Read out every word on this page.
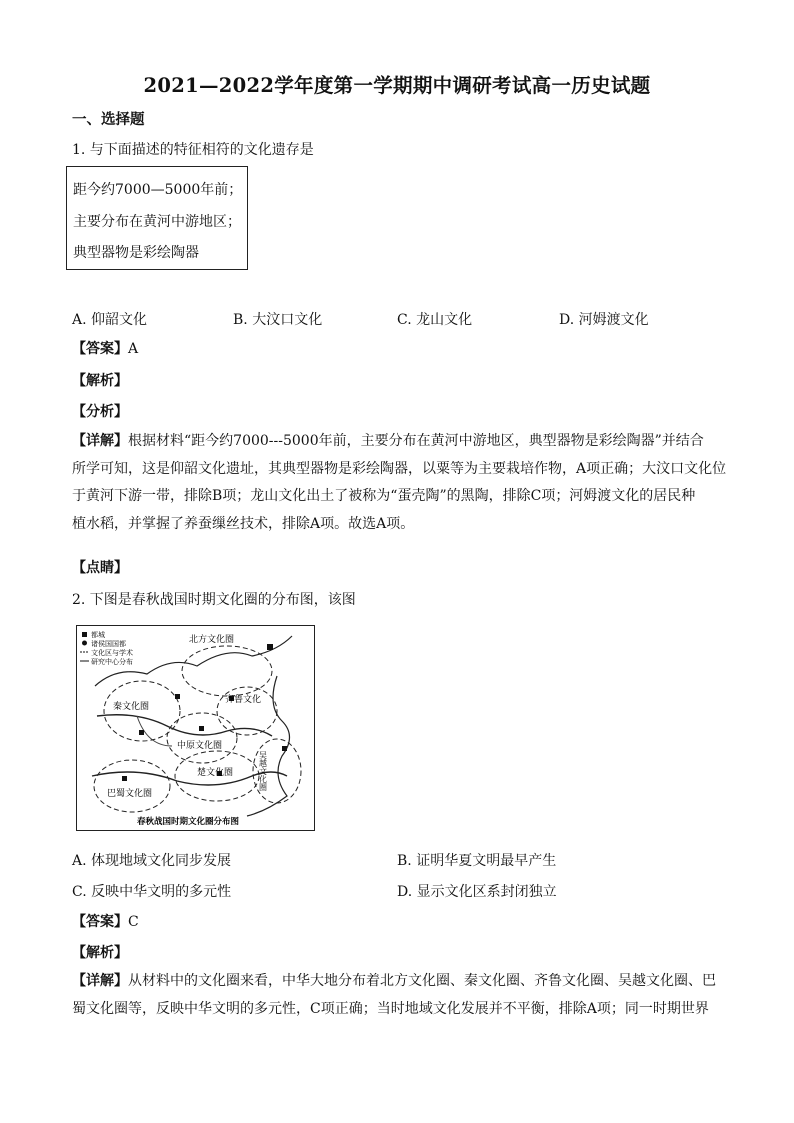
2021—2022学年度第一学期期中调研考试高一历史试题
一、选择题
1. 与下面描述的特征相符的文化遗存是
距今约7000—5000年前；
主要分布在黄河中游地区；
典型器物是彩绘陶器
A. 仰韶文化	B. 大汶口文化	C. 龙山文化	D. 河姆渡文化
【答案】A
【解析】
【分析】
【详解】根据材料“距今约7000---5000年前，主要分布在黄河中游地区，典型器物是彩绘陶器”并结合
所学可知，这是仰韶文化遗址，其典型器物是彩绘陶器，以粟等为主要栽培作物，A项正确；大汶口文化位
于黄河下游一带，排除B项；龙山文化出土了被称为“蛋壳陶”的黑陶，排除C项；河姆渡文化的居民种
植水稻，并掌握了养蚕缫丝技术，排除A项。故选A项。
【点睛】
2. 下图是春秋战国时期文化圈的分布图，该图
都城
诸侯国国都
文化区与学术
研究中心分布
北方文化圈
秦文化圈
齐鲁文化
中原文化圈
楚文化圈
巴蜀文化圈
吴越文化圈
春秋战国时期文化圈分布图
A. 体现地域文化同步发展	B. 证明华夏文明最早产生
C. 反映中华文明的多元性	D. 显示文化区系封闭独立
【答案】C
【解析】
【详解】从材料中的文化圈来看，中华大地分布着北方文化圈、秦文化圈、齐鲁文化圈、吴越文化圈、巴
蜀文化圈等，反映中华文明的多元性，C项正确；当时地域文化发展并不平衡，排除A项；同一时期世界
